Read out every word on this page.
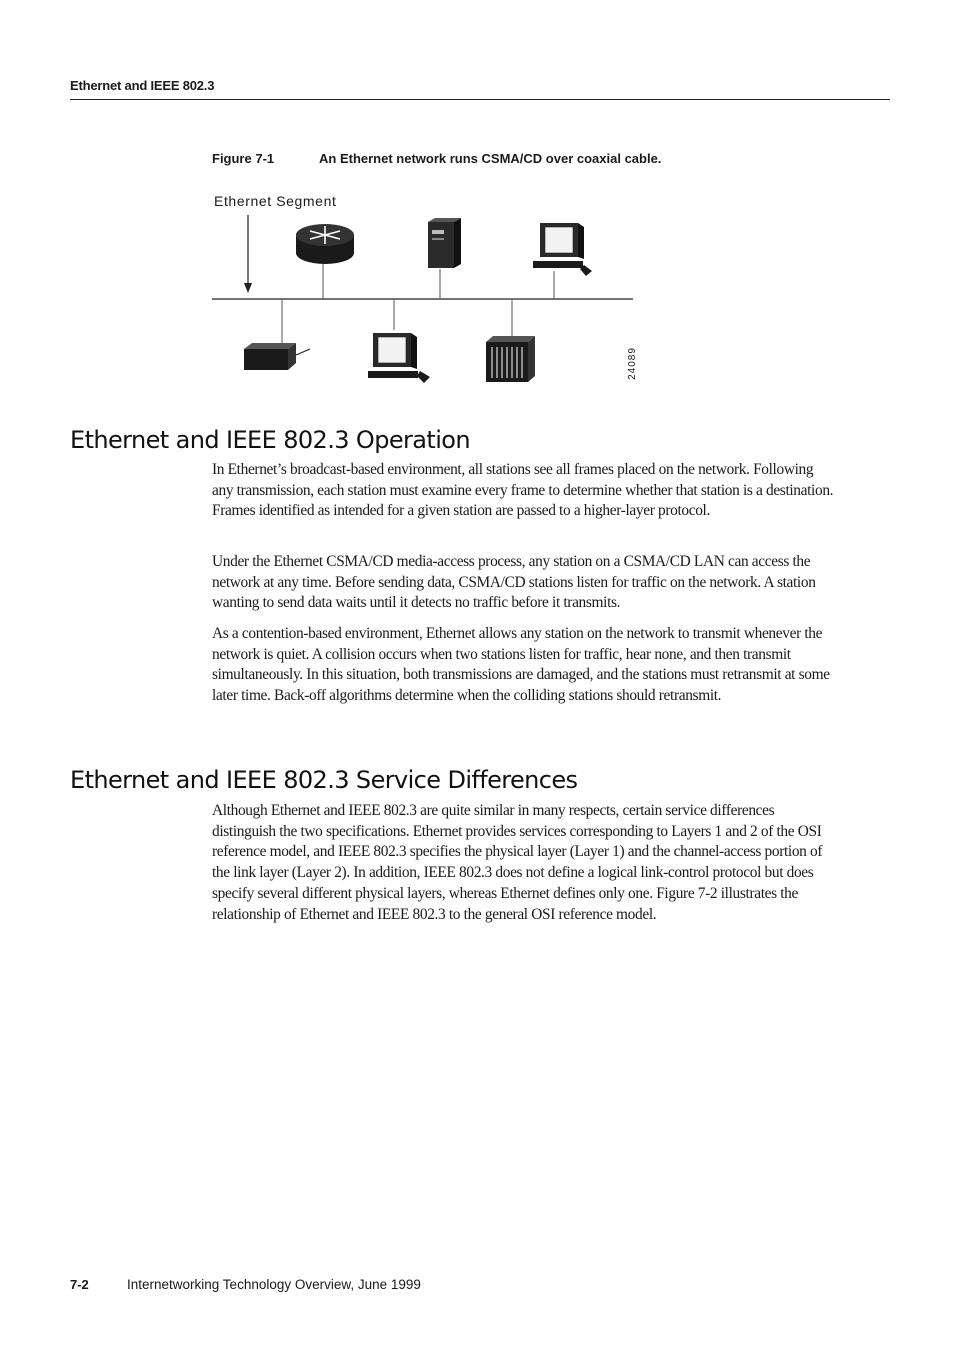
Ethernet and IEEE 802.3
Figure 7-1	An Ethernet network runs CSMA/CD over coaxial cable.
Ethernet Segment
24089
Ethernet and IEEE 802.3 Operation

In Ethernet’s broadcast-based environment, all stations see all frames placed on the network. Following any transmission, each station must examine every frame to determine whether that station is a destination. Frames identified as intended for a given station are passed to a higher-layer protocol.

Under the Ethernet CSMA/CD media-access process, any station on a CSMA/CD LAN can access the network at any time. Before sending data, CSMA/CD stations listen for traffic on the network. A station wanting to send data waits until it detects no traffic before it transmits.

As a contention-based environment, Ethernet allows any station on the network to transmit whenever the network is quiet. A collision occurs when two stations listen for traffic, hear none, and then transmit simultaneously. In this situation, both transmissions are damaged, and the stations must retransmit at some later time. Back-off algorithms determine when the colliding stations should retransmit.

Ethernet and IEEE 802.3 Service Differences

Although Ethernet and IEEE 802.3 are quite similar in many respects, certain service differences distinguish the two specifications. Ethernet provides services corresponding to Layers 1 and 2 of the OSI reference model, and IEEE 802.3 specifies the physical layer (Layer 1) and the channel-access portion of the link layer (Layer 2). In addition, IEEE 802.3 does not define a logical link-control protocol but does specify several different physical layers, whereas Ethernet defines only one. Figure 7-2 illustrates the relationship of Ethernet and IEEE 802.3 to the general OSI reference model.

7-2	Internetworking Technology Overview, June 1999
